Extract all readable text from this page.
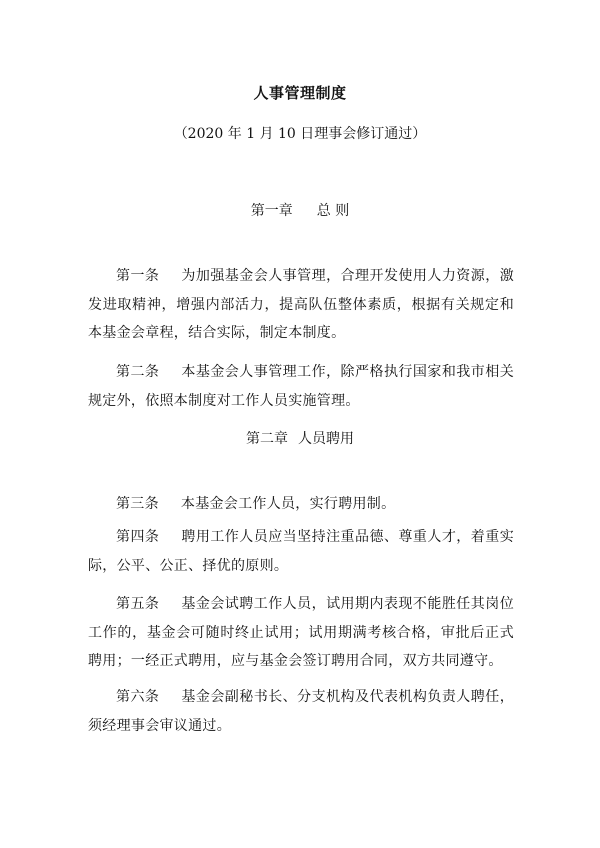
人事管理制度
（2020 年 1 月 10 日理事会修订通过）
第一章 总 则
第一条 为加强基金会人事管理，合理开发使用人力资源，激发进取精神，增强内部活力，提高队伍整体素质，根据有关规定和本基金会章程，结合实际，制定本制度。
第二条 本基金会人事管理工作，除严格执行国家和我市相关规定外，依照本制度对工作人员实施管理。
第二章 人员聘用
第三条 本基金会工作人员，实行聘用制。
第四条 聘用工作人员应当坚持注重品德、尊重人才，着重实际，公平、公正、择优的原则。
第五条 基金会试聘工作人员，试用期内表现不能胜任其岗位工作的，基金会可随时终止试用；试用期满考核合格，审批后正式聘用；一经正式聘用，应与基金会签订聘用合同，双方共同遵守。
第六条 基金会副秘书长、分支机构及代表机构负责人聘任，须经理事会审议通过。
